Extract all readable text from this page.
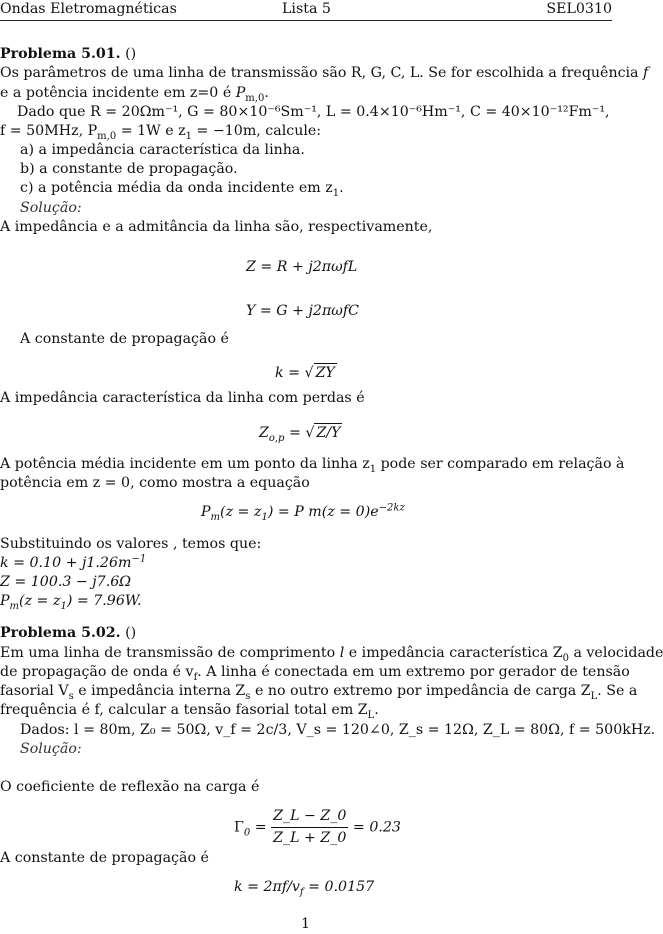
Ondas Eletromagnéticas	Lista 5	SEL0310
Problema 5.01. ()
Os parâmetros de uma linha de transmissão são R, G, C, L. Se for escolhida a frequência f
e a potência incidente em z=0 é $P_{m,0}$.
Dado que R = 20Ωm⁻¹, G = 80×10⁻⁶Sm⁻¹, L = 0.4×10⁻⁶Hm⁻¹, C = 40×10⁻¹²Fm⁻¹,
f = 50MHz, $P_{m,0} = 1W$ e $z_1 = -10m$, calcule:
a) a impedância característica da linha.
b) a constante de propagação.
c) a potência média da onda incidente em $z_1$.
Solução:
A impedância e a admitância da linha são, respectivamente,
Z = R + j2πωfL
A constante de propagação é
Y = G + j2πωfC
k = √ ZY
A impedância característica da linha com perdas é
$Z_{o,p}$ = √ Z/Y
A potência média incidente em um ponto da linha $z_1$ pode ser comparado em relação à
potência em z = 0, como mostra a equação
$P_m(z = z_1) = P$ $m(z = 0)e^{-2kz}$
Substituindo os valores , temos que:
$k = 0.10 + j1.26m^{-1}$
Z = 100.3 − j7.6Ω
$P_m(z = z_1) = 7.96W$.
Problema 5.02. ()
Em uma linha de transmissão de comprimento l e impedância característica $Z_0$ a velocidade
de propagação de onda é $v_f$. A linha é conectada em um extremo por gerador de tensão
fasorial $V_s$ e impedância interna $Z_s$ e no outro extremo por impedância de carga $Z_L$. Se a
frequência é f, calcular a tensão fasorial total em $Z_L$.
Dados: l = 80m, Z₀ = 50Ω, v_f = 2c/3, V_s = 120∠0, Z_s = 12Ω, Z_L = 80Ω, f = 500kHz.
Solução:
O coeficiente de reflexão na carga é
$\Gamma_0 = \frac{Z\_L - Z\_0}{Z\_L + Z\_0} = 0.23$
A constante de propagação é
$k = 2\pi f/v_f = 0.0157$
1
